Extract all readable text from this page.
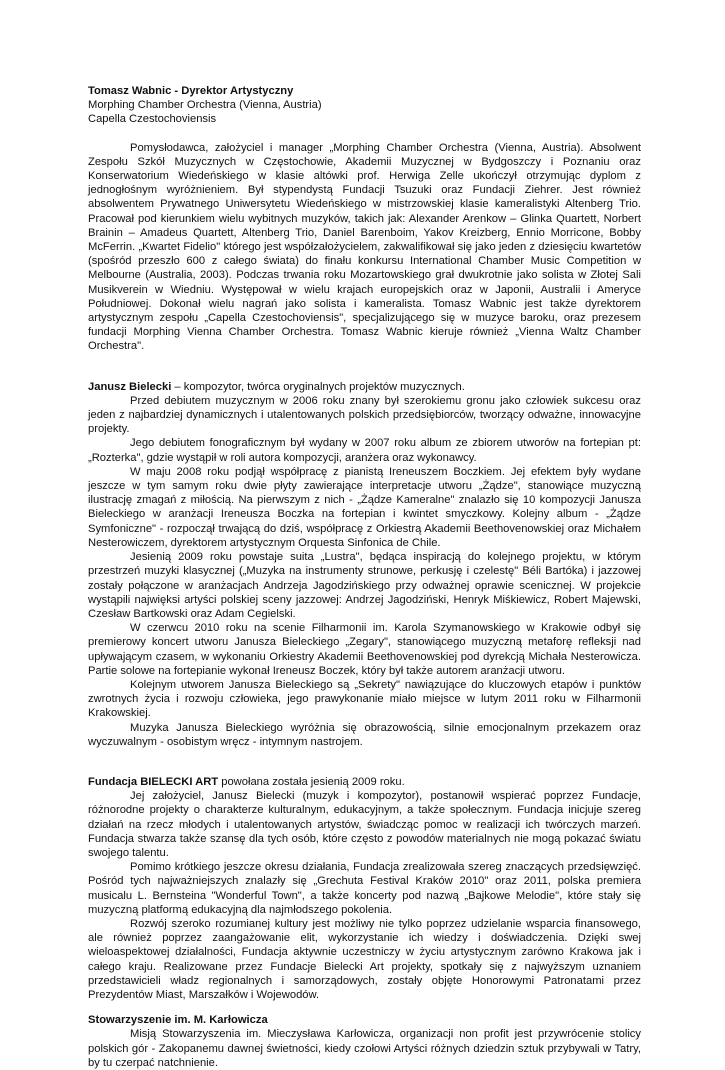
Tomasz Wabnic - Dyrektor Artystyczny

Morphing Chamber Orchestra (Vienna, Austria)

Capella Czestochoviensis

Pomysłodawca, założyciel i manager „Morphing Chamber Orchestra (Vienna, Austria). Absolwent Zespołu Szkół Muzycznych w Częstochowie, Akademii Muzycznej w Bydgoszczy i Poznaniu oraz Konserwatorium Wiedeńskiego w klasie altówki prof. Herwiga Zelle ukończył otrzymując dyplom z jednogłośnym wyróżnieniem. Był stypendystą Fundacji Tsuzuki oraz Fundacji Ziehrer. Jest również absolwentem Prywatnego Uniwersytetu Wiedeńskiego w mistrzowskiej klasie kameralistyki Altenberg Trio. Pracował pod kierunkiem wielu wybitnych muzyków, takich jak: Alexander Arenkow – Glinka Quartett, Norbert Brainin – Amadeus Quartett, Altenberg Trio, Daniel Barenboim, Yakov Kreizberg, Ennio Morricone, Bobby McFerrin. „Kwartet Fidelio" którego jest współzałożycielem, zakwalifikował się jako jeden z dziesięciu kwartetów (spośród przeszło 600 z całego świata) do finału konkursu International Chamber Music Competition w Melbourne (Australia, 2003). Podczas trwania roku Mozartowskiego grał dwukrotnie jako solista w Złotej Sali Musikverein w Wiedniu. Występował w wielu krajach europejskich oraz w Japonii, Australii i Ameryce Południowej. Dokonał wielu nagrań jako solista i kameralista. Tomasz Wabnic jest także dyrektorem artystycznym zespołu „Capella Czestochoviensis", specjalizującego się w muzyce baroku, oraz prezesem fundacji Morphing Vienna Chamber Orchestra. Tomasz Wabnic kieruje również „Vienna Waltz Chamber Orchestra".

Janusz Bielecki – kompozytor, twórca oryginalnych projektów muzycznych.

Przed debiutem muzycznym w 2006 roku znany był szerokiemu gronu jako człowiek sukcesu oraz jeden z najbardziej dynamicznych i utalentowanych polskich przedsiębiorców, tworzący odważne, innowacyjne projekty.

Jego debiutem fonograficznym był wydany w 2007 roku album ze zbiorem utworów na fortepian pt: „Rozterka", gdzie wystąpił w roli autora kompozycji, aranżera oraz wykonawcy.

W maju 2008 roku podjął współpracę z pianistą Ireneuszem Boczkiem. Jej efektem były wydane jeszcze w tym samym roku dwie płyty zawierające interpretacje utworu „Żądze", stanowiące muzyczną ilustrację zmagań z miłością. Na pierwszym z nich - „Żądze Kameralne" znalazło się 10 kompozycji Janusza Bieleckiego w aranżacji Ireneusza Boczka na fortepian i kwintet smyczkowy. Kolejny album - „Żądze Symfoniczne" - rozpoczął trwającą do dziś, współpracę z Orkiestrą Akademii Beethovenowskiej oraz Michałem Nesterowiczem, dyrektorem artystycznym Orquesta Sinfonica de Chile.

Jesienią 2009 roku powstaje suita „Lustra", będąca inspiracją do kolejnego projektu, w którym przestrzeń muzyki klasycznej („Muzyka na instrumenty strunowe, perkusję i czelestę" Béli Bartóka) i jazzowej zostały połączone w aranżacjach Andrzeja Jagodzińskiego przy odważnej oprawie scenicznej. W projekcie wystąpili najwięksi artyści polskiej sceny jazzowej: Andrzej Jagodziński, Henryk Miśkiewicz, Robert Majewski, Czesław Bartkowski oraz Adam Cegielski.

W czerwcu 2010 roku na scenie Filharmonii im. Karola Szymanowskiego w Krakowie odbył się premierowy koncert utworu Janusza Bieleckiego „Zegary", stanowiącego muzyczną metaforę refleksji nad upływającym czasem, w wykonaniu Orkiestry Akademii Beethovenowskiej pod dyrekcją Michała Nesterowicza. Partie solowe na fortepianie wykonał Ireneusz Boczek, który był także autorem aranżacji utworu.

Kolejnym utworem Janusza Bieleckiego są „Sekrety" nawiązujące do kluczowych etapów i punktów zwrotnych życia i rozwoju człowieka, jego prawykonanie miało miejsce w lutym 2011 roku w Filharmonii Krakowskiej.

Muzyka Janusza Bieleckiego wyróżnia się obrazowością, silnie emocjonalnym przekazem oraz wyczuwalnym - osobistym wręcz - intymnym nastrojem.

Fundacja BIELECKI ART powołana została jesienią 2009 roku.

Jej założyciel, Janusz Bielecki (muzyk i kompozytor), postanowił wspierać poprzez Fundacje, różnorodne projekty o charakterze kulturalnym, edukacyjnym, a także społecznym. Fundacja inicjuje szereg działań na rzecz młodych i utalentowanych artystów, świadcząc pomoc w realizacji ich twórczych marzeń. Fundacja stwarza także szansę dla tych osób, które często z powodów materialnych nie mogą pokazać światu swojego talentu.

Pomimo krótkiego jeszcze okresu działania, Fundacja zrealizowała szereg znaczących przedsięwzięć. Pośród tych najważniejszych znalazły się „Grechuta Festival Kraków 2010" oraz 2011, polska premiera musicalu L. Bernsteina "Wonderful Town", a także koncerty pod nazwą „Bajkowe Melodie", które stały się muzyczną platformą edukacyjną dla najmłodszego pokolenia.

Rozwój szeroko rozumianej kultury jest możliwy nie tylko poprzez udzielanie wsparcia finansowego, ale również poprzez zaangażowanie elit, wykorzystanie ich wiedzy i doświadczenia. Dzięki swej wieloaspektowej działalności, Fundacja aktywnie uczestniczy w życiu artystycznym zarówno Krakowa jak i całego kraju. Realizowane przez Fundacje Bielecki Art projekty, spotkały się z najwyższym uznaniem przedstawicieli władz regionalnych i samorządowych, zostały objęte Honorowymi Patronatami przez Prezydentów Miast, Marszałków i Wojewodów.

Stowarzyszenie im. M. Karłowicza

Misją Stowarzyszenia im. Mieczysława Karłowicza, organizacji non profit jest przywrócenie stolicy polskich gór - Zakopanemu dawnej świetności, kiedy czołowi Artyści różnych dziedzin sztuk przybywali w Tatry, by tu czerpać natchnienie.
